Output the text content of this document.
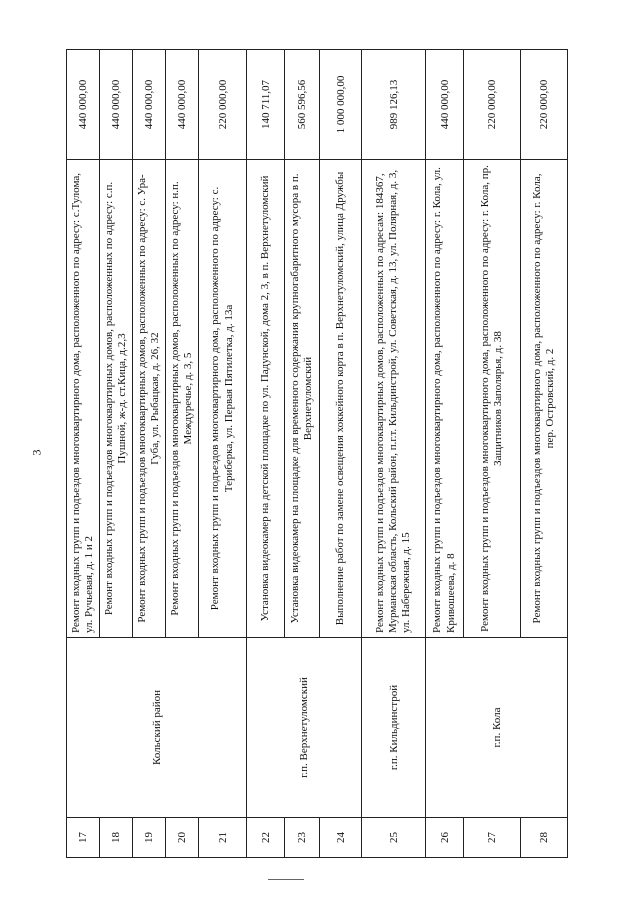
3
17	Кольский район	Ремонт входных групп и подъездов многоквартирного дома, расположенного по адресу: с.Тулома, ул. Ручьевая, д. 1 и 2	440 000,00
18		Ремонт входных групп и подъездов многоквартирных домов, расположенных по адресу: с.п. Пушной, ж-д. ст.Кица, д.2,3	440 000,00
19		Ремонт входных групп и подъездов многоквартирных домов, расположенных по адресу: с. Ура-Губа, ул. Рыбацкая, д. 26, 32	440 000,00
20		Ремонт входных групп и подъездов многоквартирных домов, расположенных по адресу: н.п. Междуречье, д. 3, 5	440 000,00
21		Ремонт входных групп и подъездов многоквартирного дома, расположенного по адресу: с. Териберка, ул. Первая Пятилетка, д. 13а	220 000,00
22	г.п. Верхнетуломский	Установка видеокамер на детской площадке по ул. Падунской, дома 2, 3, в п. Верхнетуломский	140 711,07
23		Установка видеокамер на площадке для временного содержания крупногабаритного мусора в п. Верхнетуломский	560 596,56
24		Выполнение работ по замене освещения хоккейного корта в п. Верхнетуломский, улица Дружбы	1 000 000,00
25	г.п. Кильдинстрой	Ремонт входных групп и подъездов многоквартирных домов, расположенных по адресам: 184367, Мурманская область, Кольский район, п.г.т. Кильдинстрой, ул. Советская, д. 13, ул. Полярная, д. 3, ул. Набережная, д. 15	989 126,13
26	г.п. Кола	Ремонт входных групп и подъездов многоквартирного дома, расположенного по адресу: г. Кола, ул. Кривошеева, д. 8	440 000,00
27		Ремонт входных групп и подъездов многоквартирного дома, расположенного по адресу: г. Кола, пр. Защитников Заполярья, д. 38	220 000,00
28		Ремонт входных групп и подъездов многоквартирного дома, расположенного по адресу: г. Кола, пер. Островский, д. 2	220 000,00
